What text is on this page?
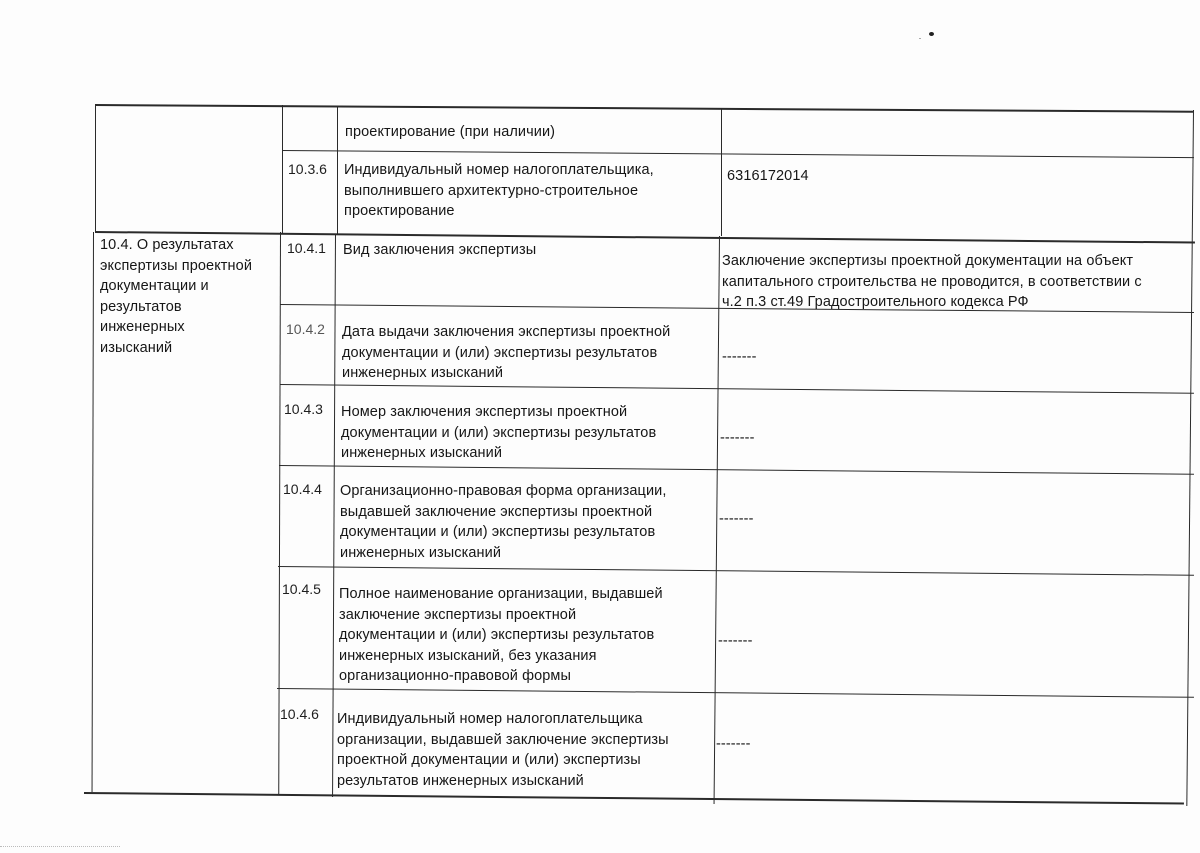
10.4. О результатах
экспертизы проектной
документации и
результатов
инженерных
изысканий
проектирование (при наличии)
10.3.6 Индивидуальный номер налогоплательщика,
выполнившего архитектурно-строительное
проектирование
6316172014
10.4.1 Вид заключения экспертизы
Заключение экспертизы проектной документации на объект
капитального строительства не проводится, в соответствии с
ч.2 п.3 ст.49 Градостроительного кодекса РФ
10.4.2 Дата выдачи заключения экспертизы проектной
документации и (или) экспертизы результатов
инженерных изысканий
-------
10.4.3 Номер заключения экспертизы проектной
документации и (или) экспертизы результатов
инженерных изысканий
-------
10.4.4 Организационно-правовая форма организации,
выдавшей заключение экспертизы проектной
документации и (или) экспертизы результатов
инженерных изысканий
-------
10.4.5 Полное наименование организации, выдавшей
заключение экспертизы проектной
документации и (или) экспертизы результатов
инженерных изысканий, без указания
организационно-правовой формы
-------
10.4.6 Индивидуальный номер налогоплательщика
организации, выдавшей заключение экспертизы
проектной документации и (или) экспертизы
результатов инженерных изысканий
-------
